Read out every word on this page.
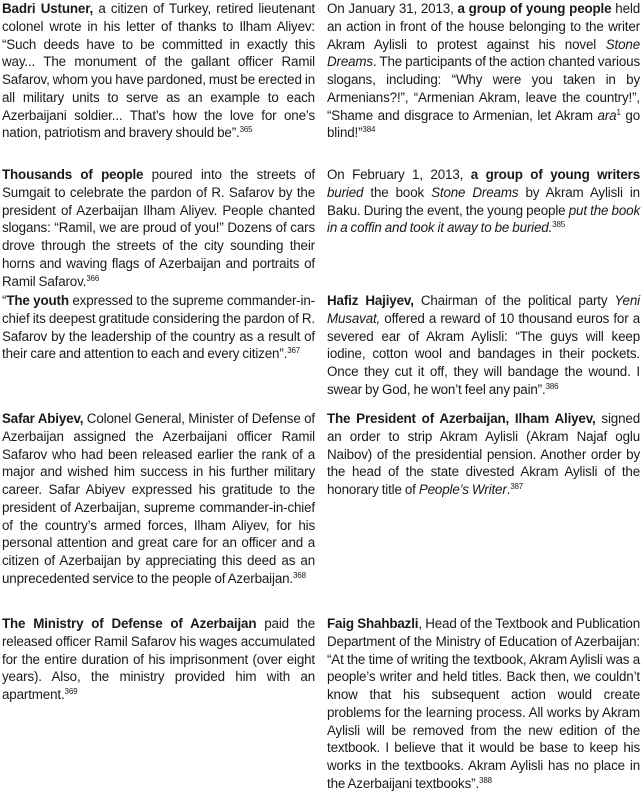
Badri Ustuner, a citizen of Turkey, retired lieutenant colonel wrote in his letter of thanks to Ilham Aliyev: “Such deeds have to be committed in exactly this way... The monument of the gallant officer Ramil Safarov, whom you have pardoned, must be erected in all military units to serve as an example to each Azerbaijani soldier... That’s how the love for one’s nation, patriotism and bravery should be”.$^{365}$

Thousands of people poured into the streets of Sumgait to celebrate the pardon of R. Safarov by the president of Azerbaijan Ilham Aliyev. People chanted slogans: “Ramil, we are proud of you!” Dozens of cars drove through the streets of the city sounding their horns and waving flags of Azerbaijan and portraits of Ramil Safarov.$^{366}$

“The youth expressed to the supreme commander-in-chief its deepest gratitude considering the pardon of R. Safarov by the leadership of the country as a result of their care and attention to each and every citizen”.$^{367}$

Safar Abiyev, Colonel General, Minister of Defense of Azerbaijan assigned the Azerbaijani officer Ramil Safarov who had been released earlier the rank of a major and wished him success in his further military career. Safar Abiyev expressed his gratitude to the president of Azerbaijan, supreme commander-in-chief of the country’s armed forces, Ilham Aliyev, for his personal attention and great care for an officer and a citizen of Azerbaijan by appreciating this deed as an unprecedented service to the people of Azerbaijan.$^{368}$

The Ministry of Defense of Azerbaijan paid the released officer Ramil Safarov his wages accumulated for the entire duration of his imprisonment (over eight years). Also, the ministry provided him with an apartment.$^{369}$

On January 31, 2013, a group of young people held an action in front of the house belonging to the writer Akram Aylisli to protest against his novel Stone Dreams. The participants of the action chanted various slogans, including: “Why were you taken in by Armenians?!”, “Armenian Akram, leave the country!”, “Shame and disgrace to Armenian, let Akram ara$^1$ go blind!”$^{384}$

On February 1, 2013, a group of young writers buried the book Stone Dreams by Akram Aylisli in Baku. During the event, the young people put the book in a coffin and took it away to be buried.$^{385}$

Hafiz Hajiyev, Chairman of the political party Yeni Musavat, offered a reward of 10 thousand euros for a severed ear of Akram Aylisli: “The guys will keep iodine, cotton wool and bandages in their pockets. Once they cut it off, they will bandage the wound. I swear by God, he won’t feel any pain”.$^{386}$

The President of Azerbaijan, Ilham Aliyev, signed an order to strip Akram Aylisli (Akram Najaf oglu Naibov) of the presidential pension. Another order by the head of the state divested Akram Aylisli of the honorary title of People’s Writer.$^{387}$

Faig Shahbazli, Head of the Textbook and Publication Department of the Ministry of Education of Azerbaijan: “At the time of writing the textbook, Akram Aylisli was a people’s writer and held titles. Back then, we couldn’t know that his subsequent action would create problems for the learning process. All works by Akram Aylisli will be removed from the new edition of the textbook. I believe that it would be base to keep his works in the textbooks. Akram Aylisli has no place in the Azerbaijani textbooks”.$^{388}$
